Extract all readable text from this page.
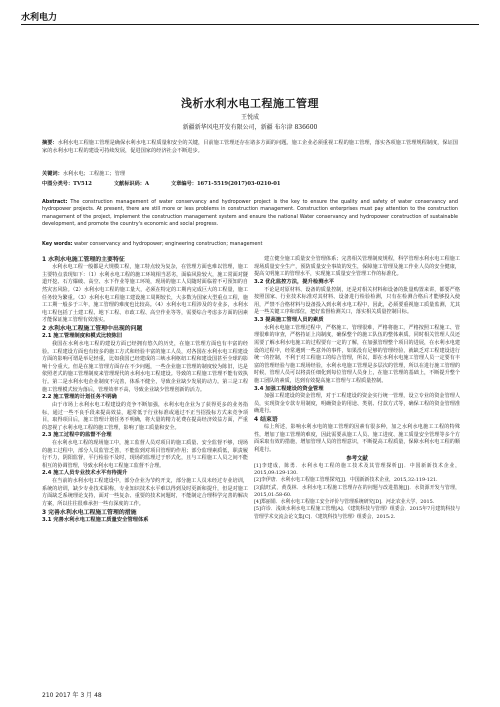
水利电力
浅析水利水电工程施工管理
王悦成
新疆新华风电开发有限公司，新疆 布尔津 836600
摘要：水利水电工程施工管理是确保水利水电工程质量和安全的关键，目前施工管理还存在诸多方面的问题。施工企业必须重视工程的施工管理，落实各项施工管理规程制度，保证国家的水利水电工程的建设可持续发展，促进国家的经济社会不断进步。
关键词：水利水电；工程施工；管理
中图分类号：TV512	文献标识码：A	文章编号：1671-5519(2017)03-0210-01
Abstract: The construction management of water conservancy and hydropower project is the key to ensure the quality and safety of water conservancy and hydropower projects. At present, there are still more or less problems in construction management. Construction enterprises must pay attention to the construction management of the project, implement the construction management system and ensure the national Water conservancy and hydropower construction of sustainable development, and promote the country's economic and social progress.
Key words: water conservancy and hydropower; engineering construction; management
1 水利水电施工管理的主要特征
水利水电工程一般都是大规模工程，施工特点较为复杂，在管理方面也难以管理，施工主要特点表现如下：（1）水利水电工程的施工环境相当恶劣，面临风险较大，施工常面对隧道开挖、石方爆破、高空、水下作业等施工环境，现场的施工人员随时面临着不可预知的自然灾害风险。（2）水利水电工程的施工量大，必须在特定的工期内完成巨大的工程量，施工任务较为繁重。（3）水利水电工程施工建设施工周期较长，大多数为国家大型重点工程，施工工期一般多于三年，施工管理的难度也比较高。（4）水利水电工程涉及的专业多，水利水电工程包括了土建工程、地下工程、市政工程、高空作业等等，需要综合考虑多方面的因素才能保证施工管理有效落实。
2 水利水电工程施工管理中出现的问题
2.1 施工管理制度和模式比较陈旧
我国在水利水电工程的建设方面已经拥有悠久的历史，在施工管理方面也有丰富的经验。工程建设方面也有较多的施工方式和经验丰富的施工人员，对各国在水利水电工程建设方面的影响可谓是举足轻重，比如我国已经建成的三峡水利枢纽工程和建设国甚至全球的影响十分重大。但是在施工管理方面存在不少问题，一些企业施工管理的制度较为陈旧，达是依照老式的施工管理制度来管理现代的水利水电工程建设。导致的工程施工管理不能有效执行。第二是水利水电企业制度不完善，体系不健全，导致企业缺少发展的动力。第三是工程施工管理模式较为落后，管理效率不高，导致企业缺少管理创新的活力。
2.2 施工管理的计划任务不明确
由于市场上水利水电工程建设的竞争不断加强，水利水电企业为了获得更多的业务指标，通过一些不良手段来提高效益，超常低于行业标准或通过不正当招投标方式来竞争项目，取得项目后，施工管理计划任务不明确，将大量的精力花费在提高经济效益方面，严重的忽视了水利水电工程的施工管理，影响了施工质量和安全。
2.3 施工过程中的监督不合理
在水利水电工程的现场施工中，施工监督人员对项目的施工质量、安全监督不够，现场的施工过程中，部分人员监管乏善，不能监到对项目管理的作用；部分监理素质低，职责履行不力，阴阳监督，平行检验不及时，现场的监理过于形式化，且与工程施工人员之间不能相互的协调管理，导致水利水电工程施工监督不合理。
2.4 施工人员专业技术水平有待提升
在当前的水利水电工程建设中，部分企业为节约开支，部分施工人员未经过专业培训，系统的培训，缺少专业技术职称，专业知识技术水平难以得到及时更新和提升，但是对施工方面缺乏系统理论支持，面对一些复杂、重要的技术问题时，不能制定合理科学完善的解决方案，所以往往很难承担一些有深度的工作。
3 完善水利水电工程施工管理的措施
3.1 完善水利水电工程施工质量安全管理体系
建立健全施工质量安全管理体系；完善相关管理制度规程，科学管理水利水电工程施工现场质量安全生产，预防质量安全事故的发生，保障施工管理及施工作业人员的安全健康，提高文明施工的管理水平，实现施工质量安全管理工作的标准化。
3.2 优化监控方法，提升检测水平
不论是对原材料、设备的质量控制，还是对相关材料和设备的批量购置来讲，都要严格按照国家、行业技术标准对其材料、设备进行检验检测，只有在检测合格后才能够投入使用，严禁不合格材料与设备投入到水利水电工程中，因此，必须要重视施工质量监测，尤其是一些关键工序和部位，把好监督检测关口，落实相关质量控制目标。
3.3 提高施工管理人员的素质
水利水电施工管理过程中，严格施工、管理很难，严格将施工，严格按照工程施工、管理很难的审查，严格持证上岗制度，确保整个的施工队伍的整体素质。同时相关管理人员还需要了解水利水电施工的过程要有一定的了解，在加强管理整个项目的进展，在水利水电建设的过程中，经常遇到一些意外的事件，如果没有足够的管理经验，就缺乏对工程建设进行统一的控制，不利于对工程施工的综合管理，所以，即在水利水电施工管理人员一定要有丰富的管理经验与施工现场经验，水利水电施工管理是多层次的管理，所以在进行施工管理的时候，管理人员可以将责任细化到每位管理人员身上，在施工管理的基础上，不断提升整个施工团队的素质，达到有效提高施工管理与工程质量控制。
3.4 加强工程建设的资金管理
加强工程建设的资金管理，对于工程建设的资金实行统一管理，设立专业的资金管理人员，实现资金专款专用制度，明确资金的用途、类别、付款方式等，确保工程的资金管理准确进行。
4 结束语
综上所述，影响水利水电的施工管理的因素有很多种，加之水利水电施工工程的特殊性，增加了施工管理的难度，因此需要从施工人员、施工进度、施工质量安全管理等多个方面采取有效的措施，增加管理人员的管理意识，不断提高工程质量，保障水利水电工程的顺利进行。
参考文献
[1]李建成，陈勇．水利水电工程的施工技术及其管理探析[J]．中国新新技术企业，2015,09:129-130.
[2]李伊唐．水利水电工程施工管理探究[J]．中国新新技术企业，2015,32:119-121.
[3]陆旺武，黄茂林．水利水电工程施工管理存在的问题与改进措施[J]．水资源开发与管理，2015,01:58-60.
[4]郑丽娟．水利水电工程施工安全评价与管理系统研究[D]．河北农业大学，2015.
[5]许诊．浅谈水利水电工程施工管理[A]．《建筑科技与管理》组委会．2015年7月建筑科技与管理学术交流会论文集[C]．《建筑科技与管理》组委会，2015:2.
210 2017 年 3 月 48
